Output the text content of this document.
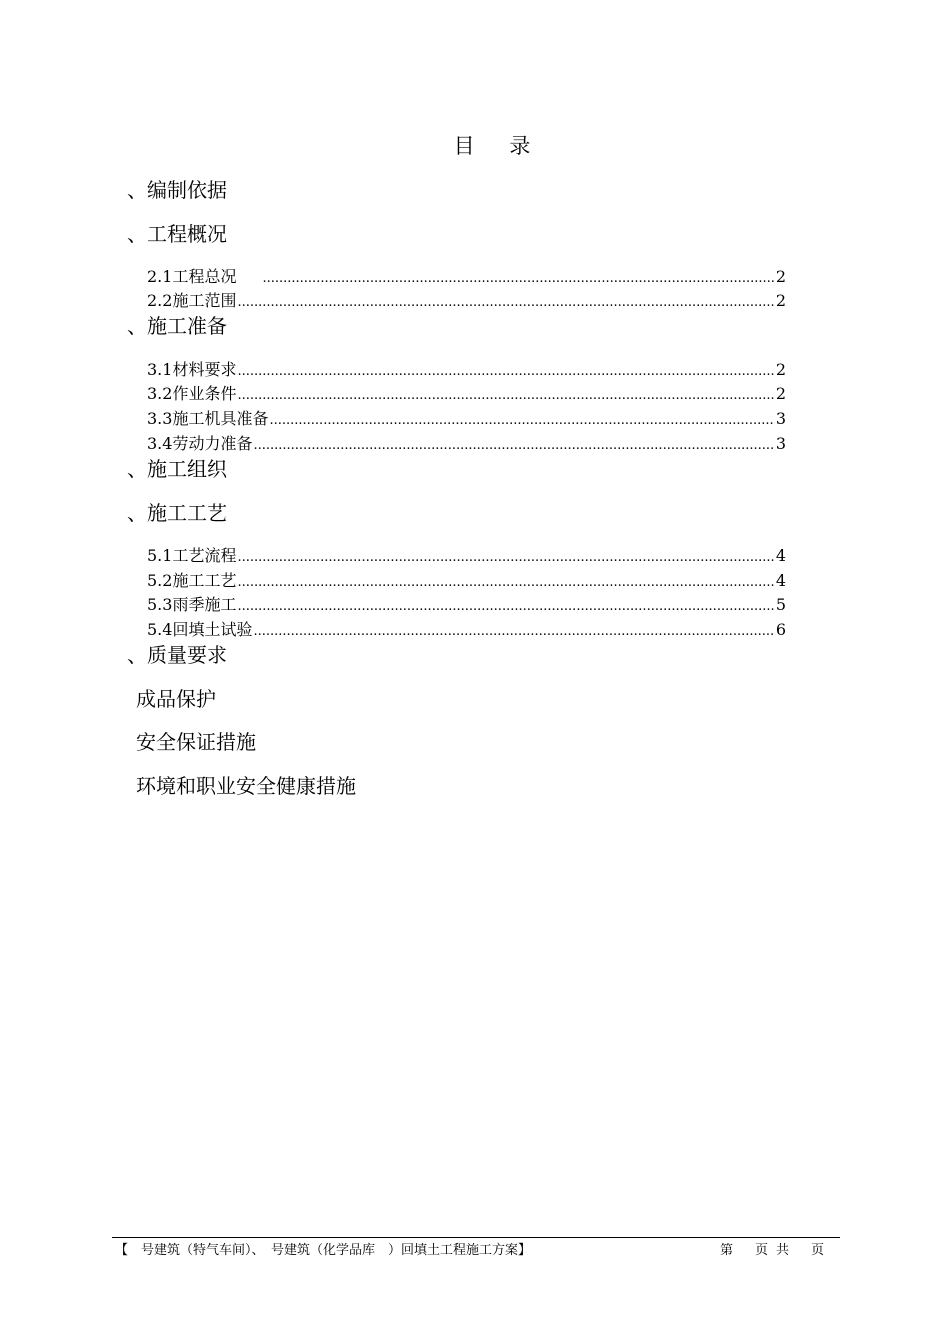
目 录
、编制依据
、工程概况
2.1 工程总况 .....	2
2.2 施工范围 .....	2
、施工准备
3.1 材料要求 .....	2
3.2 作业条件 .....	2
3.3 施工机具准备 .....	3
3.4 劳动力准备 .....	3
、施工组织
、施工工艺
5.1 工艺流程 .....	4
5.2 施工工艺 .....	4
5.3 雨季施工 .....	5
5.4 回填土试验 .....	6
、质量要求
成品保护
安全保证措施
环境和职业安全健康措施
【　号建筑（特气车间）、　号建筑（化学品库　）回填土工程施工方案】	第 页共 页
